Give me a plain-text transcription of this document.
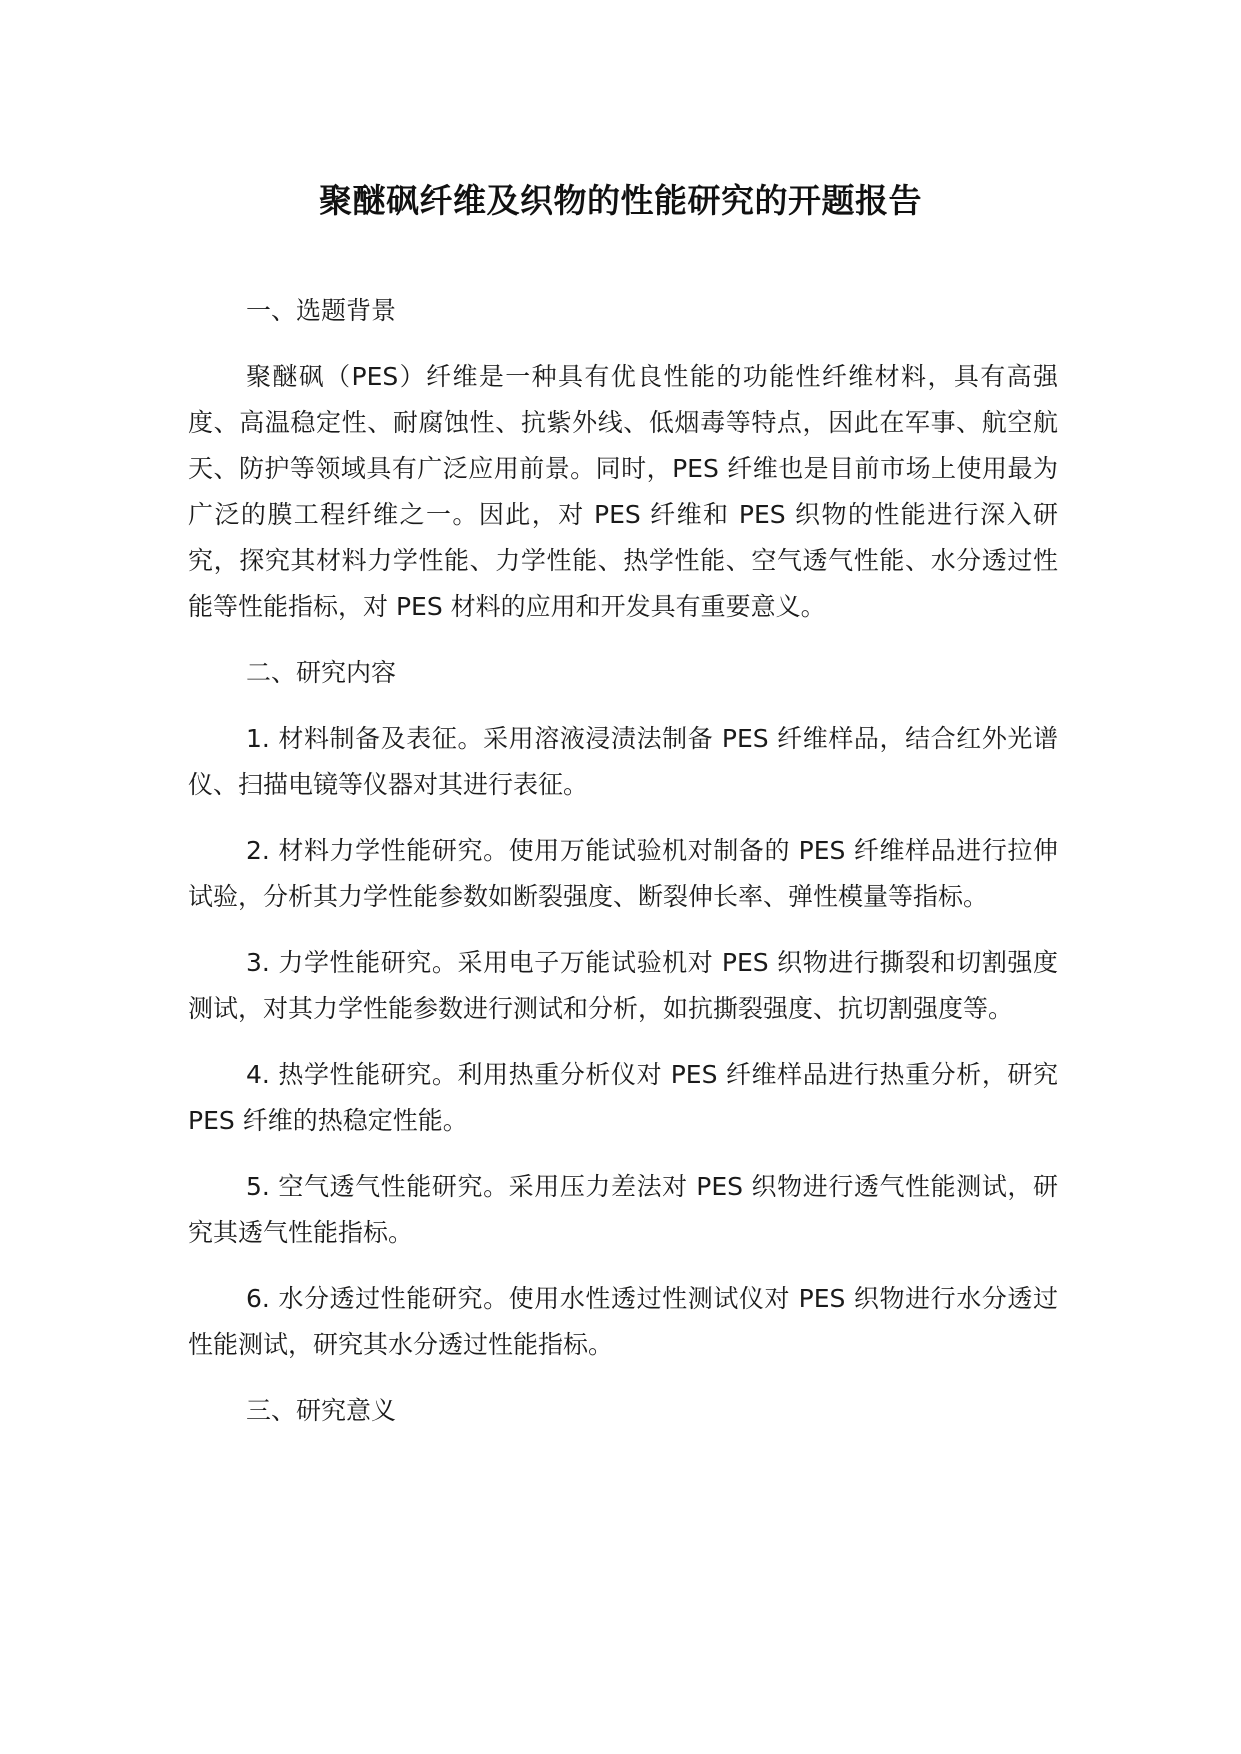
聚醚砜纤维及织物的性能研究的开题报告
一、选题背景

聚醚砜（PES）纤维是一种具有优良性能的功能性纤维材料，具有高强度、高温稳定性、耐腐蚀性、抗紫外线、低烟毒等特点，因此在军事、航空航天、防护等领域具有广泛应用前景。同时，PES 纤维也是目前市场上使用最为广泛的膜工程纤维之一。因此，对 PES 纤维和 PES 织物的性能进行深入研究，探究其材料力学性能、力学性能、热学性能、空气透气性能、水分透过性能等性能指标，对 PES 材料的应用和开发具有重要意义。

二、研究内容

1. 材料制备及表征。采用溶液浸渍法制备 PES 纤维样品，结合红外光谱仪、扫描电镜等仪器对其进行表征。

2. 材料力学性能研究。使用万能试验机对制备的 PES 纤维样品进行拉伸试验，分析其力学性能参数如断裂强度、断裂伸长率、弹性模量等指标。

3. 力学性能研究。采用电子万能试验机对 PES 织物进行撕裂和切割强度测试，对其力学性能参数进行测试和分析，如抗撕裂强度、抗切割强度等。

4. 热学性能研究。利用热重分析仪对 PES 纤维样品进行热重分析，研究 PES 纤维的热稳定性能。

5. 空气透气性能研究。采用压力差法对 PES 织物进行透气性能测试，研究其透气性能指标。

6. 水分透过性能研究。使用水性透过性测试仪对 PES 织物进行水分透过性能测试，研究其水分透过性能指标。

三、研究意义
